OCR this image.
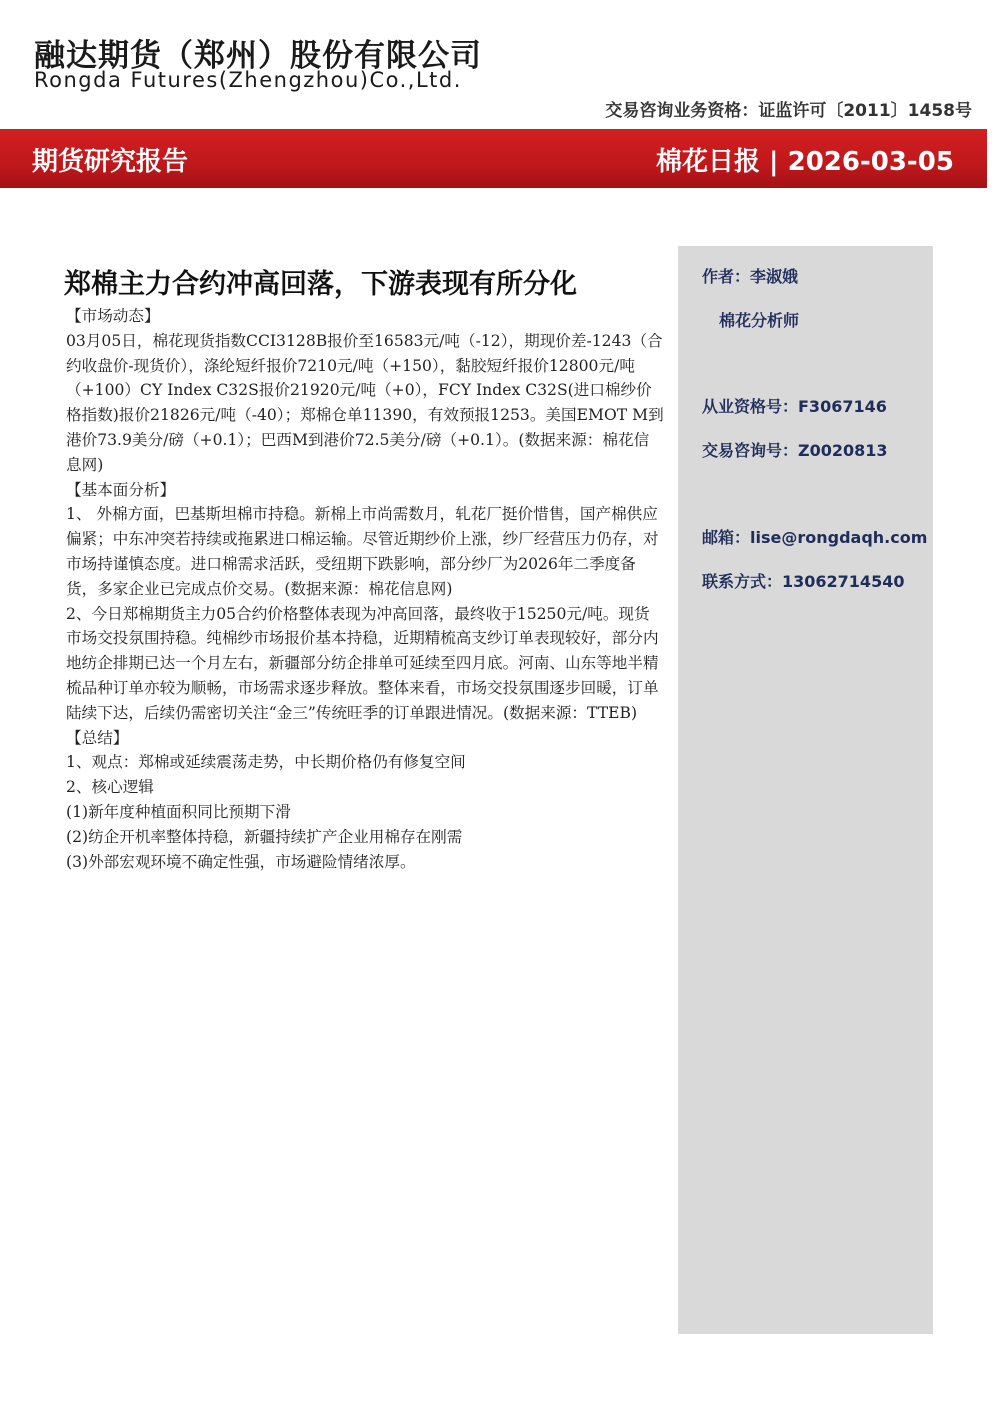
融达期货（郑州）股份有限公司
Rongda Futures(Zhengzhou)Co.,Ltd.
交易咨询业务资格：证监许可〔2011〕1458号
期货研究报告	棉花日报 | 2026-03-05
作者：李淑娥
棉花分析师
从业资格号：F3067146
交易咨询号：Z0020813
邮箱：lise@rongdaqh.com
联系方式：13062714540
郑棉主力合约冲高回落，下游表现有所分化

【市场动态】

03月05日，棉花现货指数CCI3128B报价至16583元/吨（-12），期现价差-1243（合约收盘价-现货价），涤纶短纤报价7210元/吨（+150），黏胶短纤报价12800元/吨（+100）CY Index C32S报价21920元/吨（+0），FCY Index C32S(进口棉纱价格指数)报价21826元/吨（-40）；郑棉仓单11390，有效预报1253。美国EMOT M到港价73.9美分/磅（+0.1）；巴西M到港价72.5美分/磅（+0.1）。(数据来源：棉花信息网)

【基本面分析】

1、 外棉方面，巴基斯坦棉市持稳。新棉上市尚需数月，轧花厂挺价惜售，国产棉供应偏紧；中东冲突若持续或拖累进口棉运输。尽管近期纱价上涨，纱厂经营压力仍存，对市场持谨慎态度。进口棉需求活跃，受纽期下跌影响，部分纱厂为2026年二季度备货，多家企业已完成点价交易。(数据来源：棉花信息网)

2、今日郑棉期货主力05合约价格整体表现为冲高回落，最终收于15250元/吨。现货市场交投氛围持稳。纯棉纱市场报价基本持稳，近期精梳高支纱订单表现较好，部分内地纺企排期已达一个月左右，新疆部分纺企排单可延续至四月底。河南、山东等地半精梳品种订单亦较为顺畅，市场需求逐步释放。整体来看，市场交投氛围逐步回暖，订单陆续下达，后续仍需密切关注“金三”传统旺季的订单跟进情况。(数据来源：TTEB)

【总结】

1、观点：郑棉或延续震荡走势，中长期价格仍有修复空间

2、核心逻辑

(1)新年度种植面积同比预期下滑

(2)纺企开机率整体持稳，新疆持续扩产企业用棉存在刚需

(3)外部宏观环境不确定性强，市场避险情绪浓厚。
